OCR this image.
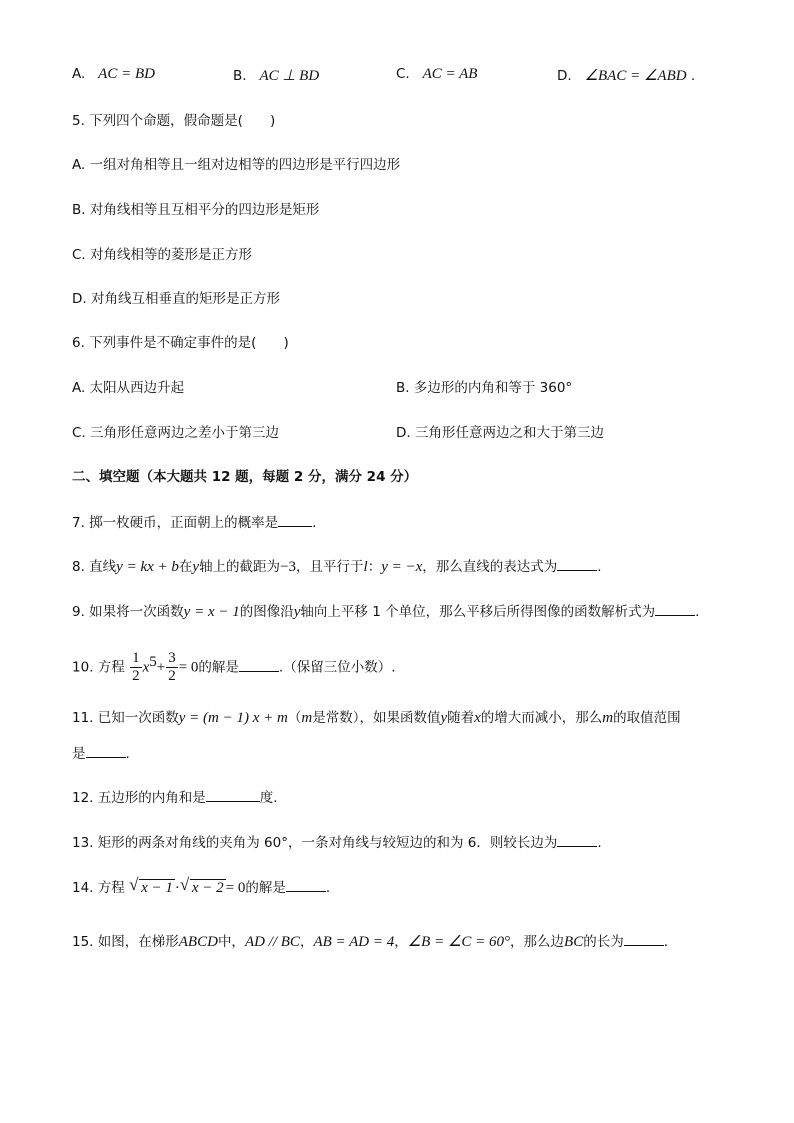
A. AC = BD	B. AC ⊥ BD	C. AC = AB	D. ∠BAC = ∠ABD .
5. 下列四个命题，假命题是(　　)
A. 一组对角相等且一组对边相等的四边形是平行四边形
B. 对角线相等且互相平分的四边形是矩形
C. 对角线相等的菱形是正方形
D. 对角线互相垂直的矩形是正方形
6. 下列事件是不确定事件的是(　　)
A. 太阳从西边升起	B. 多边形的内角和等于 360°
C. 三角形任意两边之差小于第三边	D. 三角形任意两边之和大于第三边
二、填空题（本大题共 12 题，每题 2 分，满分 24 分）
7. 掷一枚硬币，正面朝上的概率是	.
8. 直线y = kx + b在y轴上的截距为−3，且平行于l：y = −x，那么直线的表达式为	.
9. 如果将一次函数y = x − 1的图像沿y轴向上平移 1 个单位，那么平移后所得图像的函数解析式为	.
10. 方程 $\frac{1}{2} x^5+ \frac{3}{2} = 0$的解是	.（保留三位小数）.
11. 已知一次函数y = (m − 1) x + m（m是常数），如果函数值y随着x的增大而减小，那么m的取值范围
是	.
12. 五边形的内角和是	度.
13. 矩形的两条对角线的夹角为 60°，一条对角线与较短边的和为 6．则较长边为	.
14. 方程 √ x − 1 · √ x − 2 = 0的解是	.
15. 如图，在梯形ABCD中，AD // BC，AB = AD = 4，∠B = ∠C = 60°，那么边BC的长为	.
